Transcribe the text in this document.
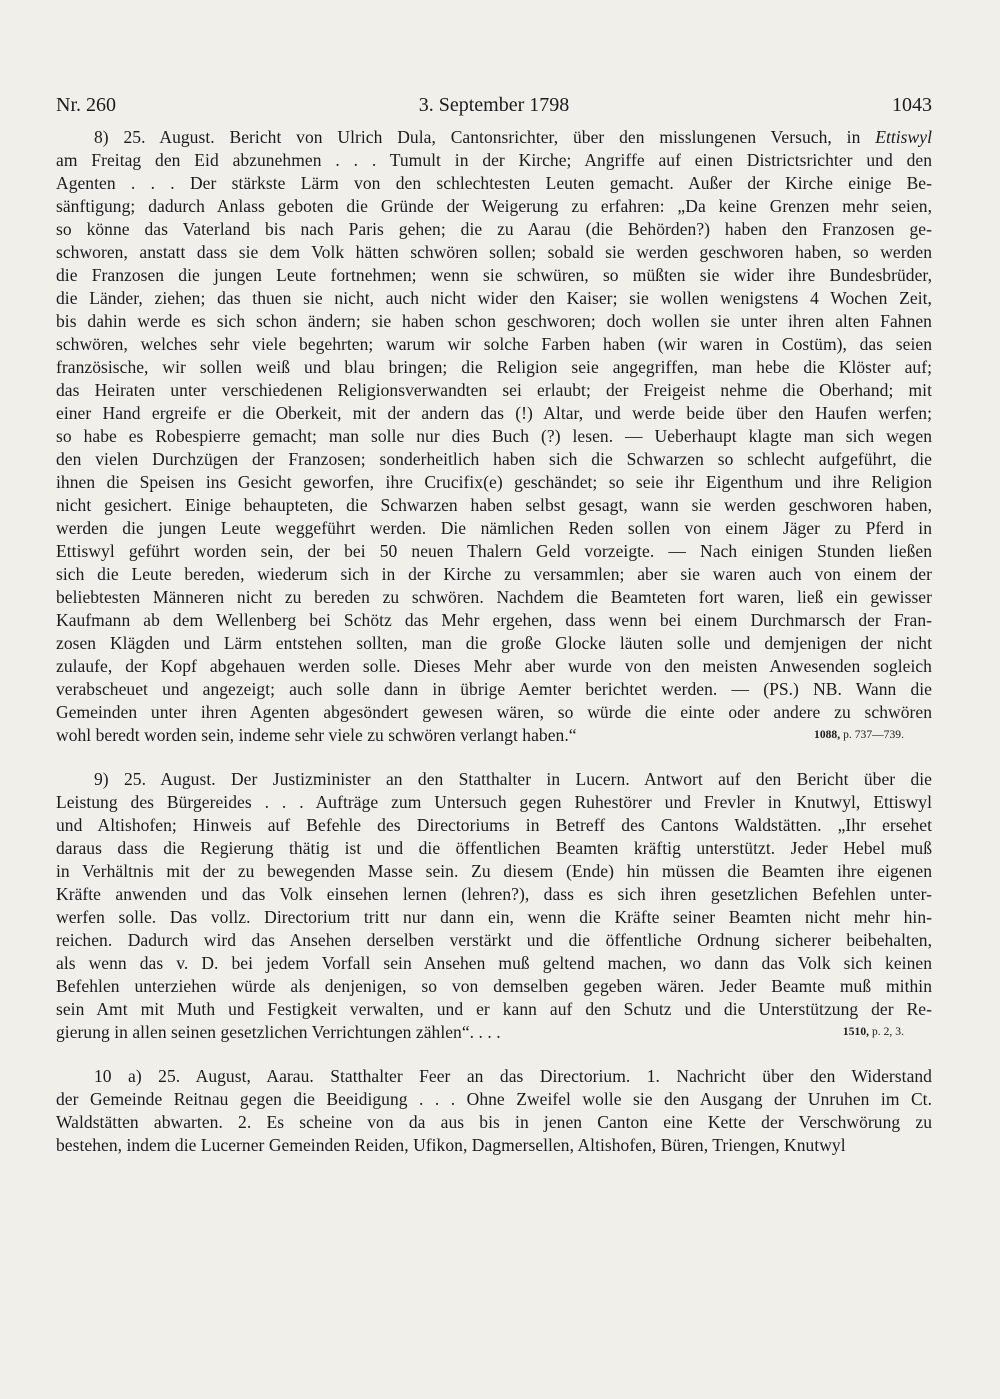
Nr. 260	3. September 1798	1043
8) 25. August. Bericht von Ulrich Dula, Cantonsrichter, über den misslungenen Versuch, in Ettiswyl
am Freitag den Eid abzunehmen . . . Tumult in der Kirche; Angriffe auf einen Districtsrichter und den
Agenten . . . Der stärkste Lärm von den schlechtesten Leuten gemacht. Außer der Kirche einige Be-
sänftigung; dadurch Anlass geboten die Gründe der Weigerung zu erfahren: „Da keine Grenzen mehr seien,
so könne das Vaterland bis nach Paris gehen; die zu Aarau (die Behörden?) haben den Franzosen ge-
schworen, anstatt dass sie dem Volk hätten schwören sollen; sobald sie werden geschworen haben, so werden
die Franzosen die jungen Leute fortnehmen; wenn sie schwüren, so müßten sie wider ihre Bundesbrüder,
die Länder, ziehen; das thuen sie nicht, auch nicht wider den Kaiser; sie wollen wenigstens 4 Wochen Zeit,
bis dahin werde es sich schon ändern; sie haben schon geschworen; doch wollen sie unter ihren alten Fahnen
schwören, welches sehr viele begehrten; warum wir solche Farben haben (wir waren in Costüm), das seien
französische, wir sollen weiß und blau bringen; die Religion seie angegriffen, man hebe die Klöster auf;
das Heiraten unter verschiedenen Religionsverwandten sei erlaubt; der Freigeist nehme die Oberhand; mit
einer Hand ergreife er die Oberkeit, mit der andern das (!) Altar, und werde beide über den Haufen werfen;
so habe es Robespierre gemacht; man solle nur dies Buch (?) lesen. — Ueberhaupt klagte man sich wegen
den vielen Durchzügen der Franzosen; sonderheitlich haben sich die Schwarzen so schlecht aufgeführt, die
ihnen die Speisen ins Gesicht geworfen, ihre Crucifix(e) geschändet; so seie ihr Eigenthum und ihre Religion
nicht gesichert. Einige behaupteten, die Schwarzen haben selbst gesagt, wann sie werden geschworen haben,
werden die jungen Leute weggeführt werden. Die nämlichen Reden sollen von einem Jäger zu Pferd in
Ettiswyl geführt worden sein, der bei 50 neuen Thalern Geld vorzeigte. — Nach einigen Stunden ließen
sich die Leute bereden, wiederum sich in der Kirche zu versammlen; aber sie waren auch von einem der
beliebtesten Männeren nicht zu bereden zu schwören. Nachdem die Beamteten fort waren, ließ ein gewisser
Kaufmann ab dem Wellenberg bei Schötz das Mehr ergehen, dass wenn bei einem Durchmarsch der Fran-
zosen Klägden und Lärm entstehen sollten, man die große Glocke läuten solle und demjenigen der nicht
zulaufe, der Kopf abgehauen werden solle. Dieses Mehr aber wurde von den meisten Anwesenden sogleich
verabscheuet und angezeigt; auch solle dann in übrige Aemter berichtet werden. — (PS.) NB. Wann die
Gemeinden unter ihren Agenten abgesöndert gewesen wären, so würde die einte oder andere zu schwören
wohl beredt worden sein, indeme sehr viele zu schwören verlangt haben.“	1088, p. 737—739.
9) 25. August. Der Justizminister an den Statthalter in Lucern. Antwort auf den Bericht über die
Leistung des Bürgereides . . . Aufträge zum Untersuch gegen Ruhestörer und Frevler in Knutwyl, Ettiswyl
und Altishofen; Hinweis auf Befehle des Directoriums in Betreff des Cantons Waldstätten. „Ihr ersehet
daraus dass die Regierung thätig ist und die öffentlichen Beamten kräftig unterstützt. Jeder Hebel muß
in Verhältnis mit der zu bewegenden Masse sein. Zu diesem (Ende) hin müssen die Beamten ihre eigenen
Kräfte anwenden und das Volk einsehen lernen (lehren?), dass es sich ihren gesetzlichen Befehlen unter-
werfen solle. Das vollz. Directorium tritt nur dann ein, wenn die Kräfte seiner Beamten nicht mehr hin-
reichen. Dadurch wird das Ansehen derselben verstärkt und die öffentliche Ordnung sicherer beibehalten,
als wenn das v. D. bei jedem Vorfall sein Ansehen muß geltend machen, wo dann das Volk sich keinen
Befehlen unterziehen würde als denjenigen, so von demselben gegeben wären. Jeder Beamte muß mithin
sein Amt mit Muth und Festigkeit verwalten, und er kann auf den Schutz und die Unterstützung der Re-
gierung in allen seinen gesetzlichen Verrichtungen zählen“. . . .	1510, p. 2, 3.
10 a) 25. August, Aarau. Statthalter Feer an das Directorium. 1. Nachricht über den Widerstand
der Gemeinde Reitnau gegen die Beeidigung . . . Ohne Zweifel wolle sie den Ausgang der Unruhen im Ct.
Waldstätten abwarten. 2. Es scheine von da aus bis in jenen Canton eine Kette der Verschwörung zu
bestehen, indem die Lucerner Gemeinden Reiden, Ufikon, Dagmersellen, Altishofen, Büren, Triengen, Knutwyl
